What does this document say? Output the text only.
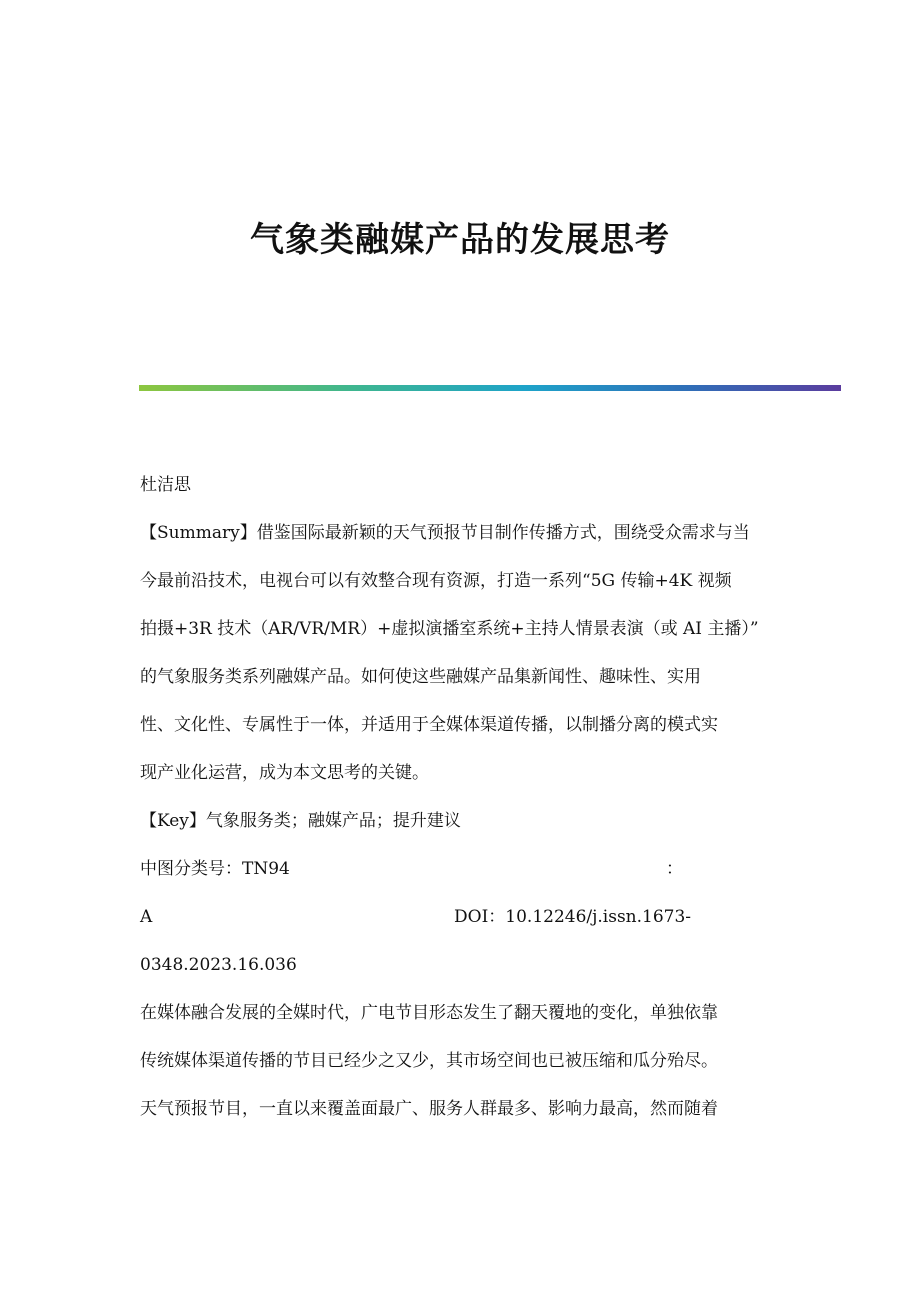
气象类融媒产品的发展思考
杜洁思
【Summary】借鉴国际最新颖的天气预报节目制作传播方式，围绕受众需求与当
今最前沿技术，电视台可以有效整合现有资源，打造一系列“5G 传输+4K 视频
拍摄+3R 技术（AR/VR/MR）+虚拟演播室系统+主持人情景表演（或 AI 主播）”
的气象服务类系列融媒产品。如何使这些融媒产品集新闻性、趣味性、实用
性、文化性、专属性于一体，并适用于全媒体渠道传播，以制播分离的模式实
现产业化运营，成为本文思考的关键。
【Key】气象服务类；融媒产品；提升建议
中图分类号：TN94	：
A	DOI：10.12246/j.issn.1673-
0348.2023.16.036
在媒体融合发展的全媒时代，广电节目形态发生了翻天覆地的变化，单独依靠
传统媒体渠道传播的节目已经少之又少，其市场空间也已被压缩和瓜分殆尽。
天气预报节目，一直以来覆盖面最广、服务人群最多、影响力最高，然而随着
